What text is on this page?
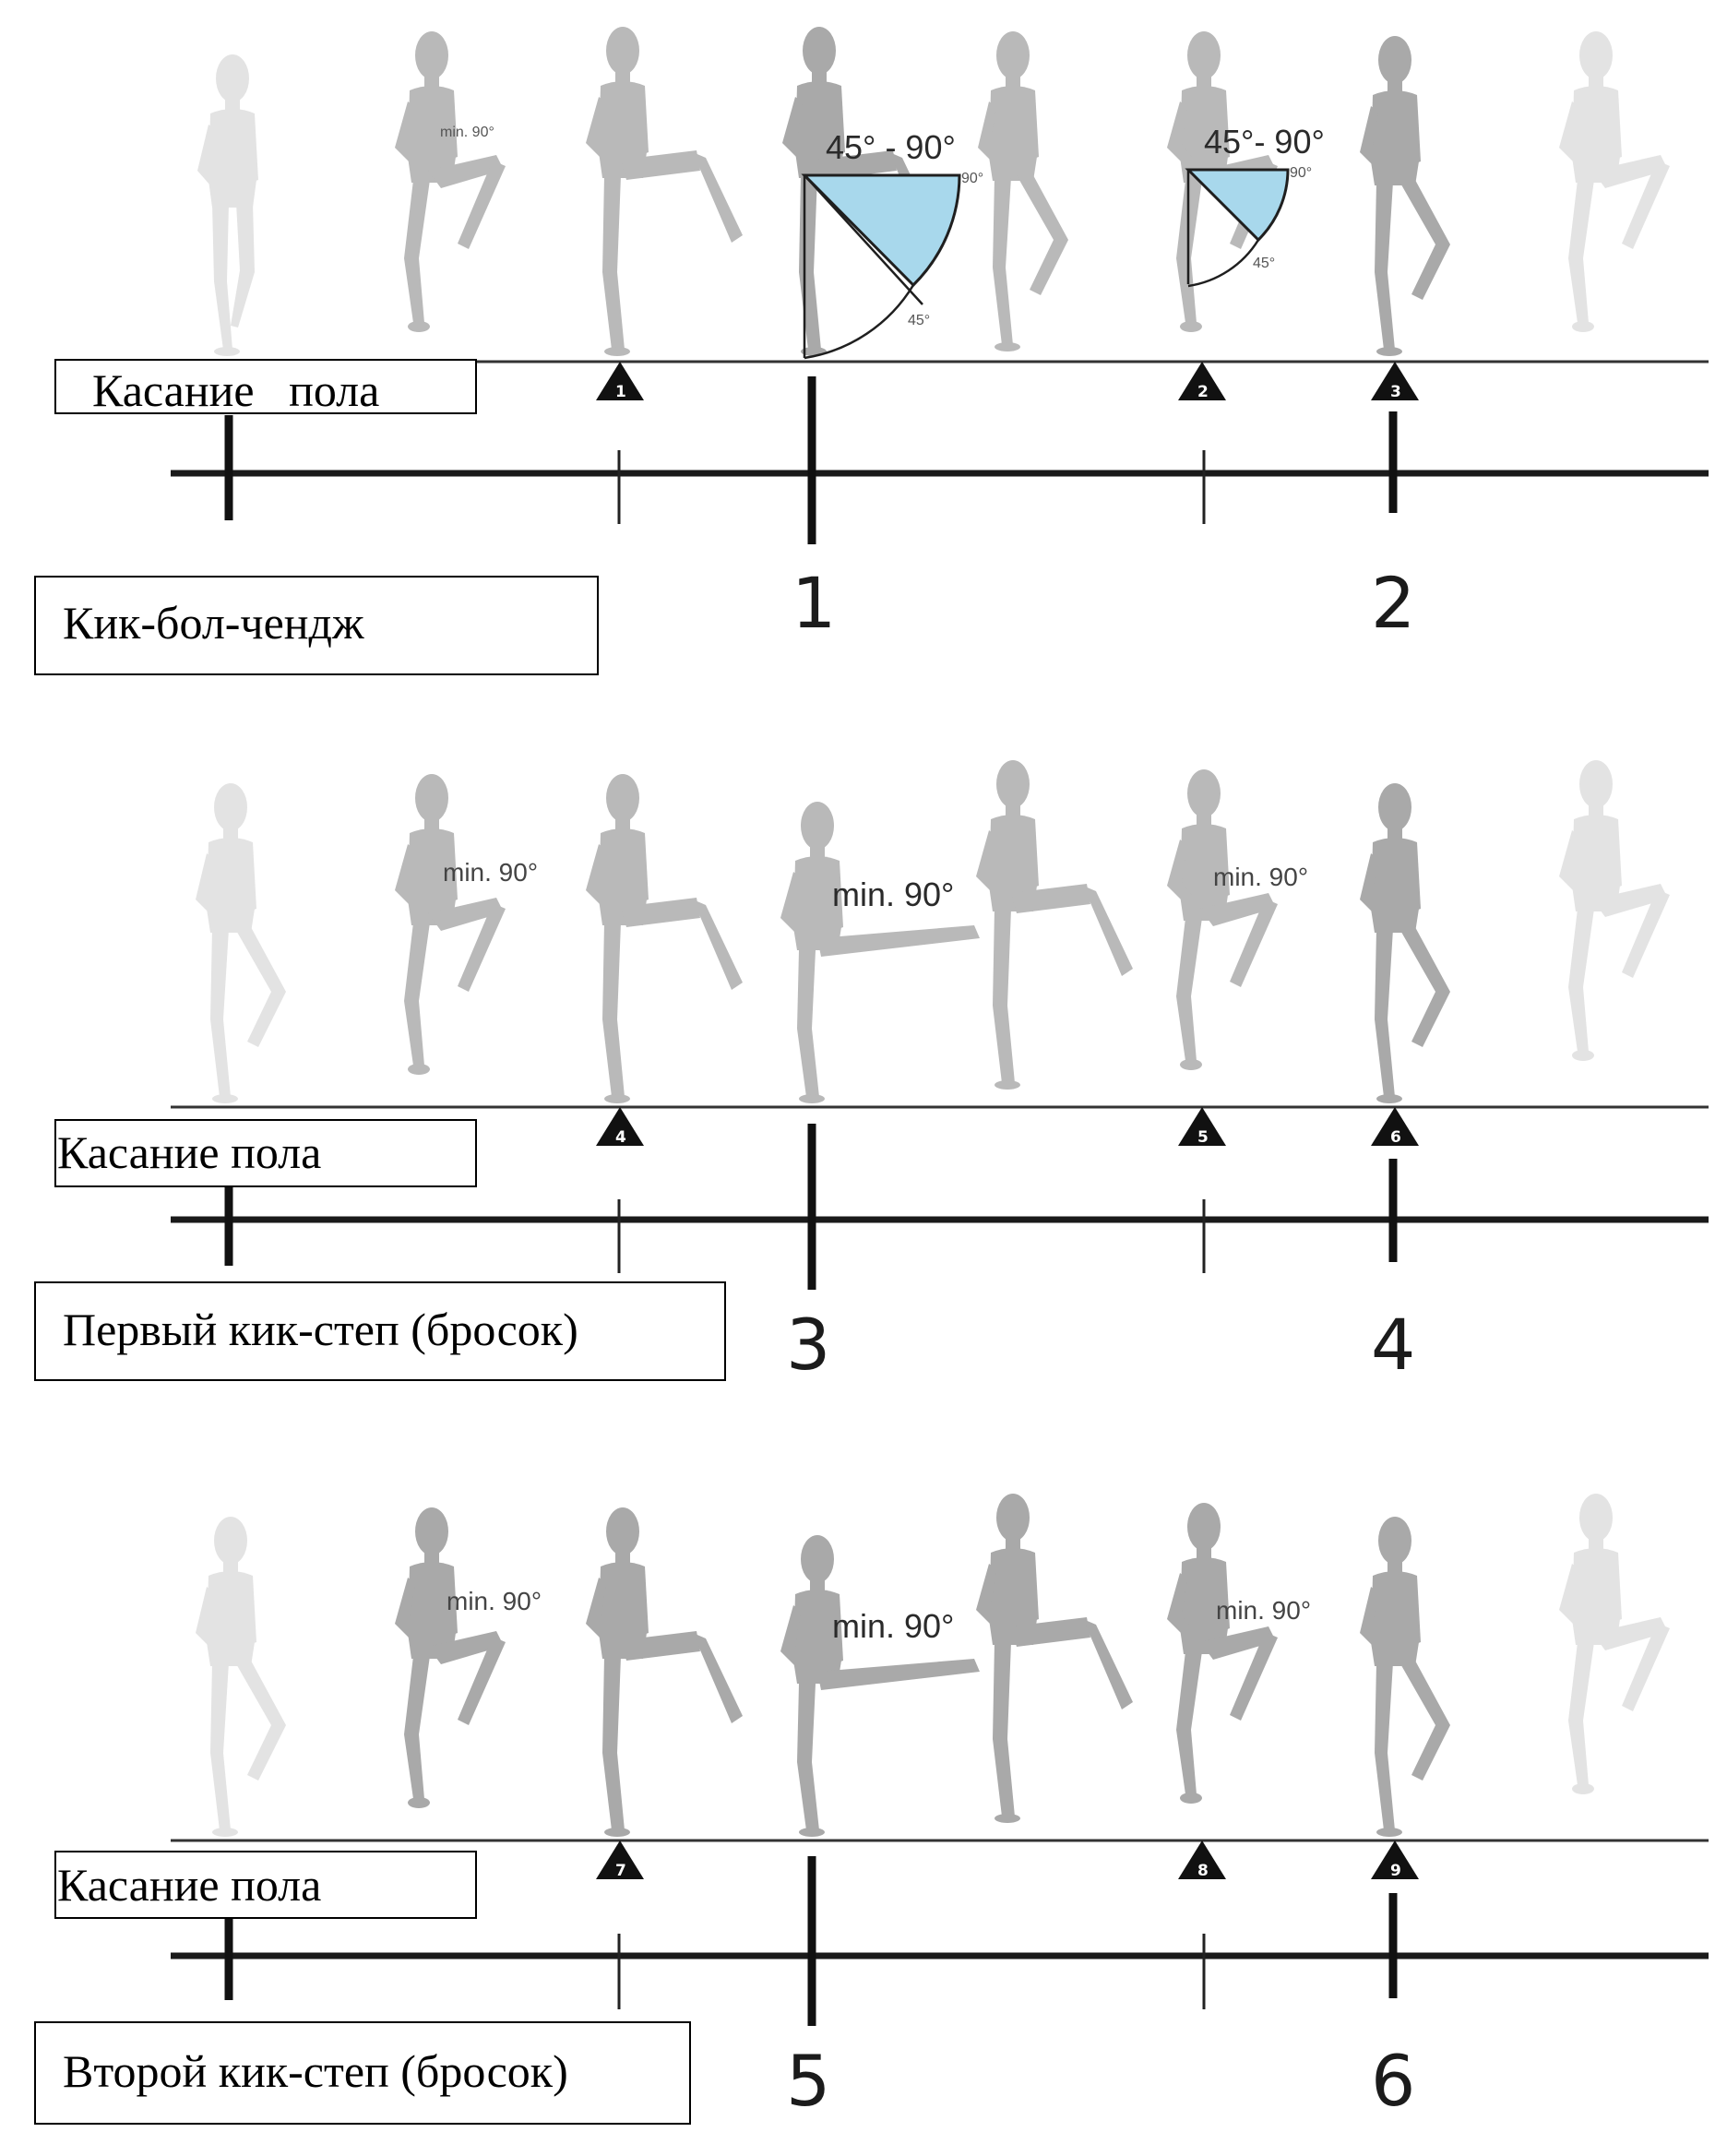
90°
45°
90°
45°
min. 90°	45° - 90°	45°- 90°
1	2	3
1	2
Касание   пола
Кик-бол-чендж
min. 90°
min. 90°	min. 90°
4	5	6
3	4
Касание пола
Первый кик-степ (бросок)
min. 90°
min. 90°	min. 90°
7	8	9
5	6
Касание пола
Второй кик-степ (бросок)
